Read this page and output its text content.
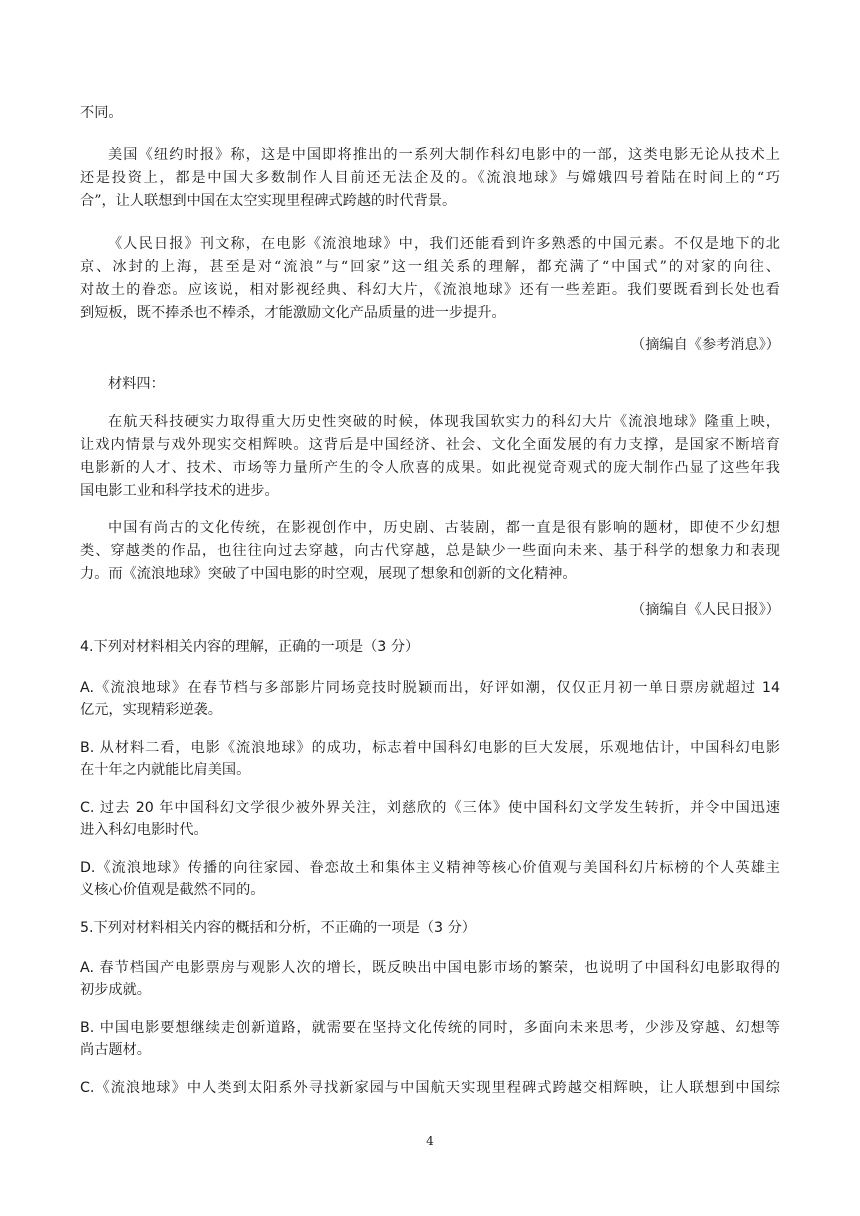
不同。
美国《纽约时报》称，这是中国即将推出的一系列大制作科幻电影中的一部，这类电影无论从技术上
还是投资上，都是中国大多数制作人目前还无法企及的。《流浪地球》与嫦娥四号着陆在时间上的“巧
合”，让人联想到中国在太空实现里程碑式跨越的时代背景。
《人民日报》刊文称，在电影《流浪地球》中，我们还能看到许多熟悉的中国元素。不仅是地下的北
京、冰封的上海，甚至是对“流浪”与“回家”这一组关系的理解，都充满了“中国式”的对家的向往、
对故土的眷恋。应该说，相对影视经典、科幻大片，《流浪地球》还有一些差距。我们要既看到长处也看
到短板，既不捧杀也不棒杀，才能激励文化产品质量的进一步提升。
（摘编自《参考消息》）
材料四：
在航天科技硬实力取得重大历史性突破的时候，体现我国软实力的科幻大片《流浪地球》隆重上映，
让戏内情景与戏外现实交相辉映。这背后是中国经济、社会、文化全面发展的有力支撑，是国家不断培育
电影新的人才、技术、市场等力量所产生的令人欣喜的成果。如此视觉奇观式的庞大制作凸显了这些年我
国电影工业和科学技术的进步。
中国有尚古的文化传统，在影视创作中，历史剧、古装剧，都一直是很有影响的题材，即使不少幻想
类、穿越类的作品，也往往向过去穿越，向古代穿越，总是缺少一些面向未来、基于科学的想象力和表现
力。而《流浪地球》突破了中国电影的时空观，展现了想象和创新的文化精神。
（摘编自《人民日报》）
4.下列对材料相关内容的理解，正确的一项是（3 分）
A.《流浪地球》在春节档与多部影片同场竞技时脱颖而出，好评如潮，仅仅正月初一单日票房就超过 14
亿元，实现精彩逆袭。
B. 从材料二看，电影《流浪地球》的成功，标志着中国科幻电影的巨大发展，乐观地估计，中国科幻电影
在十年之内就能比肩美国。
C. 过去 20 年中国科幻文学很少被外界关注，刘慈欣的《三体》使中国科幻文学发生转折，并令中国迅速
进入科幻电影时代。
D.《流浪地球》传播的向往家园、眷恋故土和集体主义精神等核心价值观与美国科幻片标榜的个人英雄主
义核心价值观是截然不同的。
5.下列对材料相关内容的概括和分析，不正确的一项是（3 分）
A. 春节档国产电影票房与观影人次的增长，既反映出中国电影市场的繁荣，也说明了中国科幻电影取得的
初步成就。
B. 中国电影要想继续走创新道路，就需要在坚持文化传统的同时，多面向未来思考，少涉及穿越、幻想等
尚古题材。
C.《流浪地球》中人类到太阳系外寻找新家园与中国航天实现里程碑式跨越交相辉映，让人联想到中国综
4
